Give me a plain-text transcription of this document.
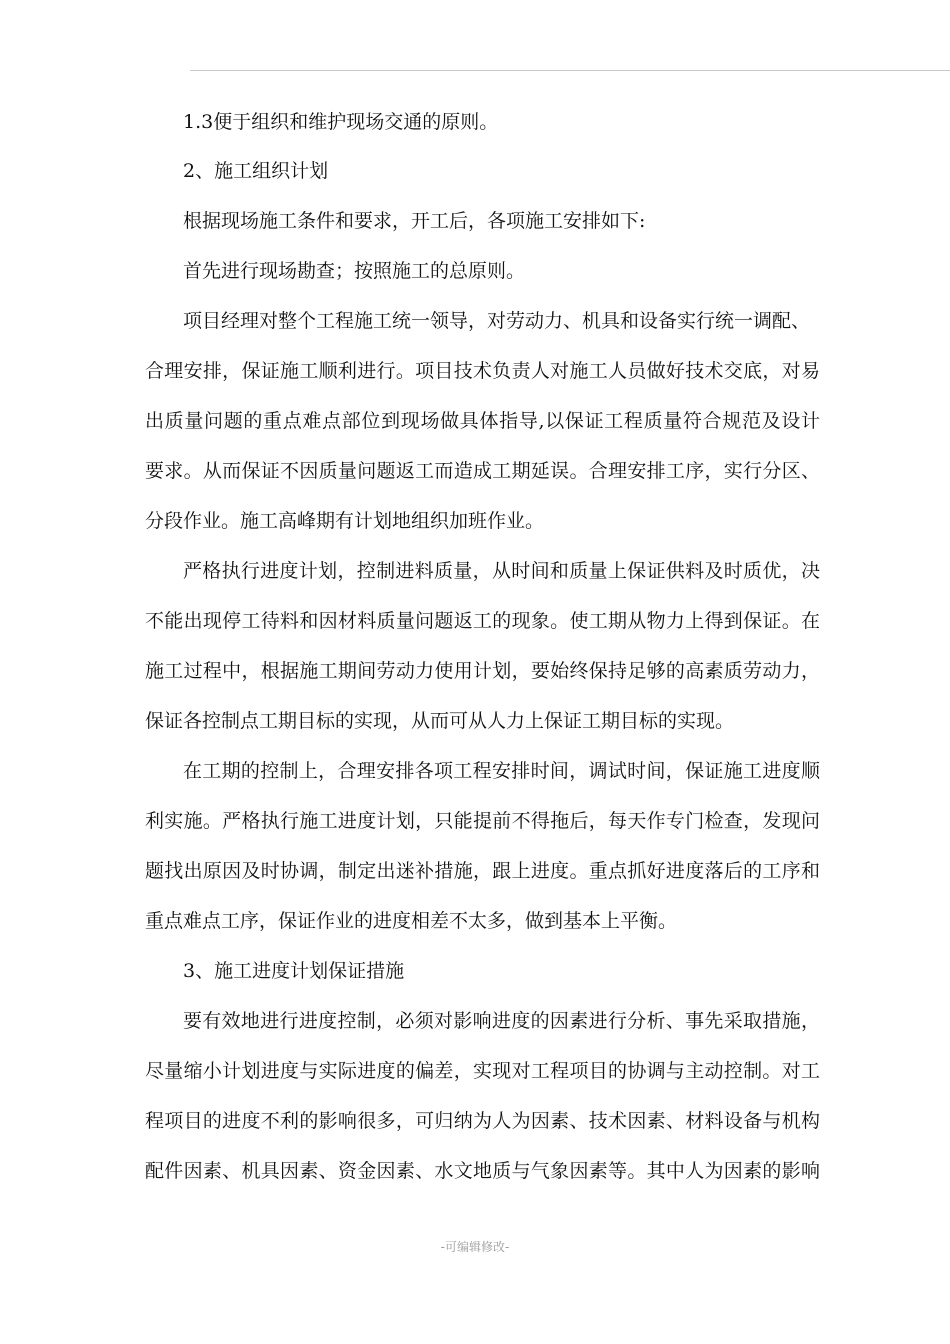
1.3便于组织和维护现场交通的原则。
2、施工组织计划
根据现场施工条件和要求，开工后，各项施工安排如下:
首先进行现场勘查；按照施工的总原则。
项目经理对整个工程施工统一领导，对劳动力、机具和设备实行统一调配、
合理安排，保证施工顺利进行。项目技术负责人对施工人员做好技术交底，对易
出质量问题的重点难点部位到现场做具体指导,以保证工程质量符合规范及设计
要求。从而保证不因质量问题返工而造成工期延误。合理安排工序，实行分区、
分段作业。施工高峰期有计划地组织加班作业。
严格执行进度计划，控制进料质量，从时间和质量上保证供料及时质优，决
不能出现停工待料和因材料质量问题返工的现象。使工期从物力上得到保证。在
施工过程中，根据施工期间劳动力使用计划，要始终保持足够的高素质劳动力，
保证各控制点工期目标的实现，从而可从人力上保证工期目标的实现。
在工期的控制上，合理安排各项工程安排时间，调试时间，保证施工进度顺
利实施。严格执行施工进度计划，只能提前不得拖后，每天作专门检查，发现问
题找出原因及时协调，制定出迷补措施，跟上进度。重点抓好进度落后的工序和
重点难点工序，保证作业的进度相差不太多，做到基本上平衡。
3、施工进度计划保证措施
要有效地进行进度控制，必须对影响进度的因素进行分析、事先采取措施，
尽量缩小计划进度与实际进度的偏差，实现对工程项目的协调与主动控制。对工
程项目的进度不利的影响很多，可归纳为人为因素、技术因素、材料设备与机构
配件因素、机具因素、资金因素、水文地质与气象因素等。其中人为因素的影响
-可编辑修改-
